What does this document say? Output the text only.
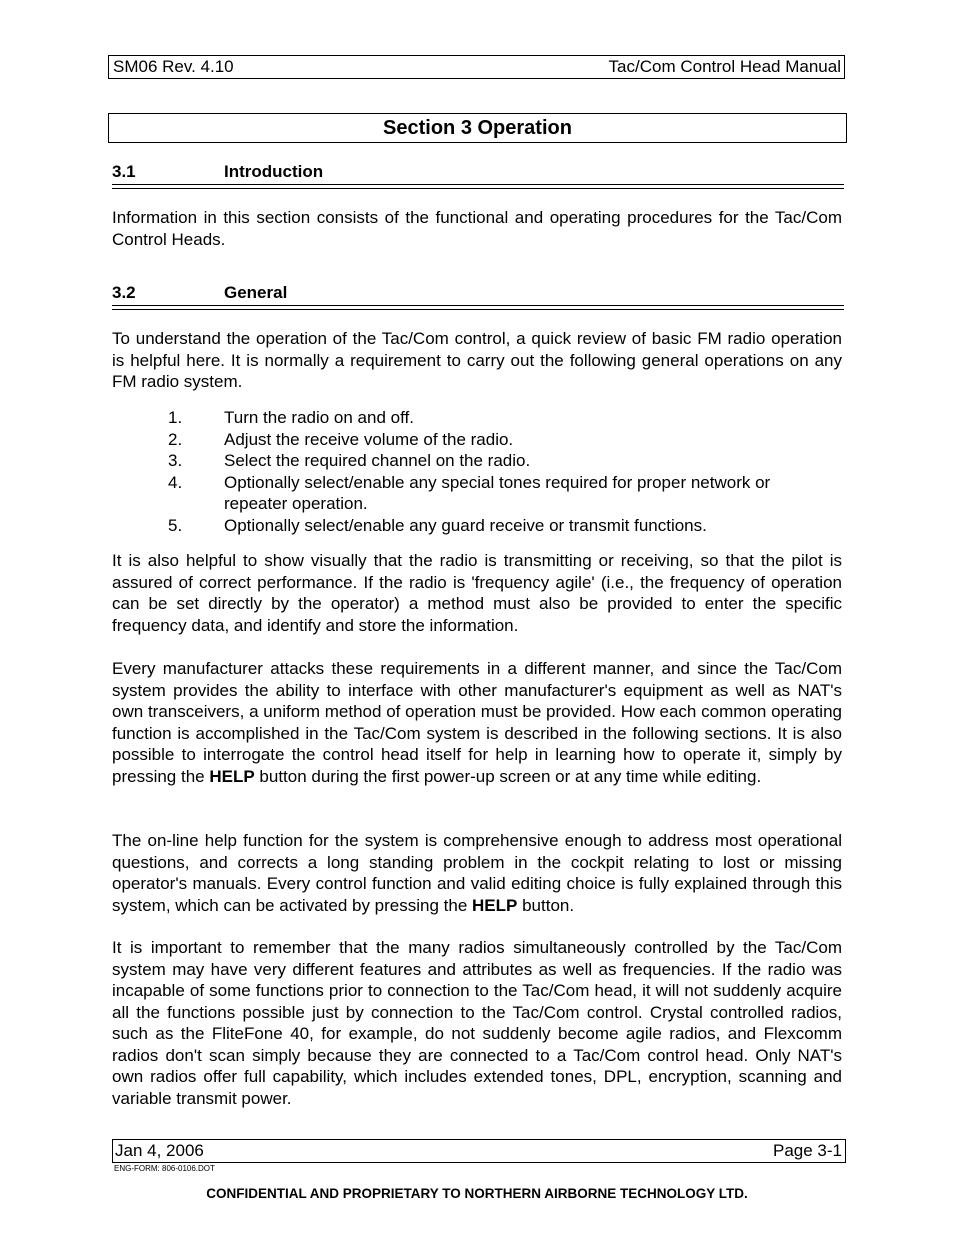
SM06 Rev. 4.10	Tac/Com Control Head Manual
Section 3 Operation
3.1	Introduction

Information in this section consists of the functional and operating procedures for the Tac/Com Control Heads.

3.2	General

To understand the operation of the Tac/Com control, a quick review of basic FM radio operation is helpful here. It is normally a requirement to carry out the following general operations on any FM radio system.

1. Turn the radio on and off.
2. Adjust the receive volume of the radio.
3. Select the required channel on the radio.
4. Optionally select/enable any special tones required for proper network or repeater operation.
5. Optionally select/enable any guard receive or transmit functions.

It is also helpful to show visually that the radio is transmitting or receiving, so that the pilot is assured of correct performance. If the radio is 'frequency agile' (i.e., the frequency of operation can be set directly by the operator) a method must also be provided to enter the specific frequency data, and identify and store the information.

Every manufacturer attacks these requirements in a different manner, and since the Tac/Com system provides the ability to interface with other manufacturer's equipment as well as NAT's own transceivers, a uniform method of operation must be provided. How each common operating function is accomplished in the Tac/Com system is described in the following sections. It is also possible to interrogate the control head itself for help in learning how to operate it, simply by pressing the HELP button during the first power-up screen or at any time while editing.

The on-line help function for the system is comprehensive enough to address most operational questions, and corrects a long standing problem in the cockpit relating to lost or missing operator's manuals. Every control function and valid editing choice is fully explained through this system, which can be activated by pressing the HELP button.

It is important to remember that the many radios simultaneously controlled by the Tac/Com system may have very different features and attributes as well as frequencies. If the radio was incapable of some functions prior to connection to the Tac/Com head, it will not suddenly acquire all the functions possible just by connection to the Tac/Com control. Crystal controlled radios, such as the FliteFone 40, for example, do not suddenly become agile radios, and Flexcomm radios don't scan simply because they are connected to a Tac/Com control head. Only NAT's own radios offer full capability, which includes extended tones, DPL, encryption, scanning and variable transmit power.

Jan 4, 2006	Page 3-1
ENG-FORM: 806-0106.DOT
CONFIDENTIAL AND PROPRIETARY TO NORTHERN AIRBORNE TECHNOLOGY LTD.
